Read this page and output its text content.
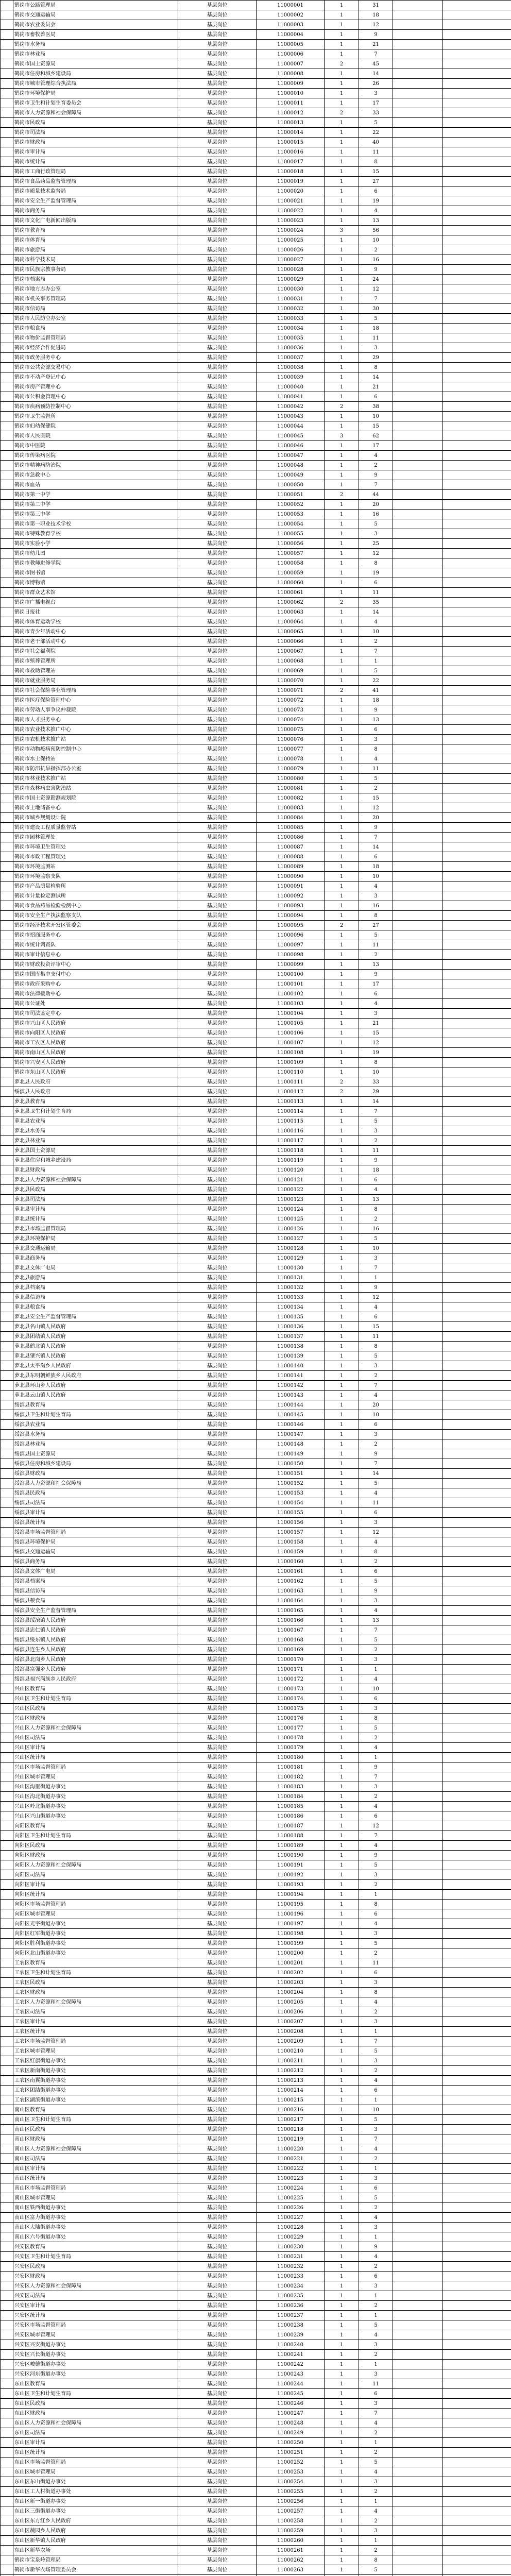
	鹤岗市公路管理局	基层岗位	11000001	1	31		
	鹤岗市交通运输局	基层岗位	11000002	1	18		
	鹤岗市农业委员会	基层岗位	11000003	1	12		
	鹤岗市畜牧兽医局	基层岗位	11000004	1	9		
	鹤岗市水务局	基层岗位	11000005	1	21		
	鹤岗市林业局	基层岗位	11000006	1	7		
	鹤岗市国土资源局	基层岗位	11000007	2	45		
	鹤岗市住房和城乡建设局	基层岗位	11000008	1	14		
	鹤岗市城市管理综合执法局	基层岗位	11000009	1	26		
	鹤岗市环境保护局	基层岗位	11000010	1	3		
	鹤岗市卫生和计划生育委员会	基层岗位	11000011	1	17		
	鹤岗市人力资源和社会保障局	基层岗位	11000012	2	33		
	鹤岗市民政局	基层岗位	11000013	1	5		
	鹤岗市司法局	基层岗位	11000014	1	22		
	鹤岗市财政局	基层岗位	11000015	1	40		
	鹤岗市审计局	基层岗位	11000016	1	11		
	鹤岗市统计局	基层岗位	11000017	1	8		
	鹤岗市工商行政管理局	基层岗位	11000018	1	15		
	鹤岗市食品药品监督管理局	基层岗位	11000019	1	27		
	鹤岗市质量技术监督局	基层岗位	11000020	1	6		
	鹤岗市安全生产监督管理局	基层岗位	11000021	1	19		
	鹤岗市商务局	基层岗位	11000022	1	4		
	鹤岗市文化广电新闻出版局	基层岗位	11000023	1	13		
	鹤岗市教育局	基层岗位	11000024	3	56		
	鹤岗市体育局	基层岗位	11000025	1	10		
	鹤岗市旅游局	基层岗位	11000026	1	2		
	鹤岗市科学技术局	基层岗位	11000027	1	16		
	鹤岗市民族宗教事务局	基层岗位	11000028	1	9		
	鹤岗市档案局	基层岗位	11000029	1	24		
	鹤岗市地方志办公室	基层岗位	11000030	1	12		
	鹤岗市机关事务管理局	基层岗位	11000031	1	7		
	鹤岗市信访局	基层岗位	11000032	1	30		
	鹤岗市人民防空办公室	基层岗位	11000033	1	5		
	鹤岗市粮食局	基层岗位	11000034	1	18		
	鹤岗市物价监督管理局	基层岗位	11000035	1	11		
	鹤岗市经济合作促进局	基层岗位	11000036	1	3		
	鹤岗市政务服务中心	基层岗位	11000037	1	29		
	鹤岗市公共资源交易中心	基层岗位	11000038	1	8		
	鹤岗市不动产登记中心	基层岗位	11000039	1	14		
	鹤岗市房产管理中心	基层岗位	11000040	1	21		
	鹤岗市公积金管理中心	基层岗位	11000041	1	6		
	鹤岗市疾病预防控制中心	基层岗位	11000042	2	38		
	鹤岗市卫生监督所	基层岗位	11000043	1	10		
	鹤岗市妇幼保健院	基层岗位	11000044	1	15		
	鹤岗市人民医院	基层岗位	11000045	3	62		
	鹤岗市中医院	基层岗位	11000046	1	17		
	鹤岗市传染病医院	基层岗位	11000047	1	4		
	鹤岗市精神病防治院	基层岗位	11000048	1	2		
	鹤岗市急救中心	基层岗位	11000049	1	9		
	鹤岗市血站	基层岗位	11000050	1	7		
	鹤岗市第一中学	基层岗位	11000051	2	44		
	鹤岗市第二中学	基层岗位	11000052	1	20		
	鹤岗市第三中学	基层岗位	11000053	1	16		
	鹤岗市第一职业技术学校	基层岗位	11000054	1	5		
	鹤岗市特殊教育学校	基层岗位	11000055	1	3		
	鹤岗市实验小学	基层岗位	11000056	1	25		
	鹤岗市幼儿园	基层岗位	11000057	1	12		
	鹤岗市教师进修学院	基层岗位	11000058	1	8		
	鹤岗市图书馆	基层岗位	11000059	1	19		
	鹤岗市博物馆	基层岗位	11000060	1	6		
	鹤岗市群众艺术馆	基层岗位	11000061	1	11		
	鹤岗市广播电视台	基层岗位	11000062	2	35		
	鹤岗日报社	基层岗位	11000063	1	14		
	鹤岗市体育运动学校	基层岗位	11000064	1	4		
	鹤岗市青少年活动中心	基层岗位	11000065	1	10		
	鹤岗市老干部活动中心	基层岗位	11000066	1	2		
	鹤岗市社会福利院	基层岗位	11000067	1	7		
	鹤岗市殡葬管理所	基层岗位	11000068	1	1		
	鹤岗市救助管理站	基层岗位	11000069	1	5		
	鹤岗市就业服务局	基层岗位	11000070	1	22		
	鹤岗市社会保险事业管理局	基层岗位	11000071	2	41		
	鹤岗市医疗保险管理中心	基层岗位	11000072	1	18		
	鹤岗市劳动人事争议仲裁院	基层岗位	11000073	1	9		
	鹤岗市人才服务中心	基层岗位	11000074	1	13		
	鹤岗市农业技术推广中心	基层岗位	11000075	1	6		
	鹤岗市农机技术推广站	基层岗位	11000076	1	3		
	鹤岗市动物疫病预防控制中心	基层岗位	11000077	1	8		
	鹤岗市水土保持站	基层岗位	11000078	1	4		
	鹤岗市防汛抗旱指挥部办公室	基层岗位	11000079	1	11		
	鹤岗市林业技术推广站	基层岗位	11000080	1	5		
	鹤岗市森林病虫害防治站	基层岗位	11000081	1	2		
	鹤岗市国土资源勘测规划院	基层岗位	11000082	1	15		
	鹤岗市土地储备中心	基层岗位	11000083	1	12		
	鹤岗市城乡规划设计院	基层岗位	11000084	1	20		
	鹤岗市建设工程质量监督站	基层岗位	11000085	1	9		
	鹤岗市园林管理处	基层岗位	11000086	1	7		
	鹤岗市环境卫生管理处	基层岗位	11000087	1	14		
	鹤岗市市政工程管理处	基层岗位	11000088	1	6		
	鹤岗市环境监测站	基层岗位	11000089	1	18		
	鹤岗市环境监察支队	基层岗位	11000090	1	10		
	鹤岗市产品质量检验所	基层岗位	11000091	1	4		
	鹤岗市计量检定测试所	基层岗位	11000092	1	3		
	鹤岗市食品药品检验检测中心	基层岗位	11000093	1	16		
	鹤岗市安全生产执法监察支队	基层岗位	11000094	1	8		
	鹤岗市经济技术开发区管委会	基层岗位	11000095	2	27		
	鹤岗市招商服务中心	基层岗位	11000096	1	5		
	鹤岗市统计调查队	基层岗位	11000097	1	11		
	鹤岗市审计信息中心	基层岗位	11000098	1	2		
	鹤岗市财政投资评审中心	基层岗位	11000099	1	13		
	鹤岗市国库集中支付中心	基层岗位	11000100	1	9		
	鹤岗市政府采购中心	基层岗位	11000101	1	17		
	鹤岗市法律援助中心	基层岗位	11000102	1	6		
	鹤岗市公证处	基层岗位	11000103	1	4		
	鹤岗市司法鉴定中心	基层岗位	11000104	1	3		
	鹤岗市兴山区人民政府	基层岗位	11000105	1	21		
	鹤岗市向阳区人民政府	基层岗位	11000106	1	15		
	鹤岗市工农区人民政府	基层岗位	11000107	1	12		
	鹤岗市南山区人民政府	基层岗位	11000108	1	19		
	鹤岗市兴安区人民政府	基层岗位	11000109	1	8		
	鹤岗市东山区人民政府	基层岗位	11000110	1	10		
	萝北县人民政府	基层岗位	11000111	2	33		
	绥滨县人民政府	基层岗位	11000112	2	29		
	萝北县教育局	基层岗位	11000113	1	14		
	萝北县卫生和计划生育局	基层岗位	11000114	1	7		
	萝北县农业局	基层岗位	11000115	1	5		
	萝北县水务局	基层岗位	11000116	1	3		
	萝北县林业局	基层岗位	11000117	1	2		
	萝北县国土资源局	基层岗位	11000118	1	11		
	萝北县住房和城乡建设局	基层岗位	11000119	1	9		
	萝北县财政局	基层岗位	11000120	1	18		
	萝北县人力资源和社会保障局	基层岗位	11000121	1	6		
	萝北县民政局	基层岗位	11000122	1	4		
	萝北县司法局	基层岗位	11000123	1	13		
	萝北县审计局	基层岗位	11000124	1	8		
	萝北县统计局	基层岗位	11000125	1	2		
	萝北县市场监督管理局	基层岗位	11000126	1	16		
	萝北县环境保护局	基层岗位	11000127	1	5		
	萝北县交通运输局	基层岗位	11000128	1	10		
	萝北县商务局	基层岗位	11000129	1	3		
	萝北县文体广电局	基层岗位	11000130	1	7		
	萝北县旅游局	基层岗位	11000131	1	1		
	萝北县档案局	基层岗位	11000132	1	9		
	萝北县信访局	基层岗位	11000133	1	12		
	萝北县粮食局	基层岗位	11000134	1	4		
	萝北县安全生产监督管理局	基层岗位	11000135	1	6		
	萝北县名山镇人民政府	基层岗位	11000136	1	15		
	萝北县团结镇人民政府	基层岗位	11000137	1	11		
	萝北县鹤北镇人民政府	基层岗位	11000138	1	8		
	萝北县肇兴镇人民政府	基层岗位	11000139	1	5		
	萝北县太平沟乡人民政府	基层岗位	11000140	1	3		
	萝北县东明朝鲜族乡人民政府	基层岗位	11000141	1	2		
	萝北县环山乡人民政府	基层岗位	11000142	1	7		
	萝北县云山镇人民政府	基层岗位	11000143	1	4		
	绥滨县教育局	基层岗位	11000144	1	20		
	绥滨县卫生和计划生育局	基层岗位	11000145	1	10		
	绥滨县农业局	基层岗位	11000146	1	6		
	绥滨县水务局	基层岗位	11000147	1	3		
	绥滨县林业局	基层岗位	11000148	1	2		
	绥滨县国土资源局	基层岗位	11000149	1	9		
	绥滨县住房和城乡建设局	基层岗位	11000150	1	7		
	绥滨县财政局	基层岗位	11000151	1	14		
	绥滨县人力资源和社会保障局	基层岗位	11000152	1	5		
	绥滨县民政局	基层岗位	11000153	1	4		
	绥滨县司法局	基层岗位	11000154	1	11		
	绥滨县审计局	基层岗位	11000155	1	6		
	绥滨县统计局	基层岗位	11000156	1	3		
	绥滨县市场监督管理局	基层岗位	11000157	1	12		
	绥滨县环境保护局	基层岗位	11000158	1	4		
	绥滨县交通运输局	基层岗位	11000159	1	8		
	绥滨县商务局	基层岗位	11000160	1	2		
	绥滨县文体广电局	基层岗位	11000161	1	6		
	绥滨县档案局	基层岗位	11000162	1	5		
	绥滨县信访局	基层岗位	11000163	1	9		
	绥滨县粮食局	基层岗位	11000164	1	3		
	绥滨县安全生产监督管理局	基层岗位	11000165	1	4		
	绥滨县绥滨镇人民政府	基层岗位	11000166	1	13		
	绥滨县忠仁镇人民政府	基层岗位	11000167	1	7		
	绥滨县绥东镇人民政府	基层岗位	11000168	1	5		
	绥滨县连生乡人民政府	基层岗位	11000169	1	2		
	绥滨县北岗乡人民政府	基层岗位	11000170	1	3		
	绥滨县富强乡人民政府	基层岗位	11000171	1	1		
	绥滨县福兴满族乡人民政府	基层岗位	11000172	1	4		
	兴山区教育局	基层岗位	11000173	1	10		
	兴山区卫生和计划生育局	基层岗位	11000174	1	6		
	兴山区民政局	基层岗位	11000175	1	3		
	兴山区财政局	基层岗位	11000176	1	8		
	兴山区人力资源和社会保障局	基层岗位	11000177	1	5		
	兴山区司法局	基层岗位	11000178	1	2		
	兴山区审计局	基层岗位	11000179	1	4		
	兴山区统计局	基层岗位	11000180	1	1		
	兴山区市场监督管理局	基层岗位	11000181	1	9		
	兴山区城市管理局	基层岗位	11000182	1	7		
	兴山区沟里街道办事处	基层岗位	11000183	1	3		
	兴山区沟北街道办事处	基层岗位	11000184	1	2		
	兴山区岭北街道办事处	基层岗位	11000185	1	4		
	兴山区兴山街道办事处	基层岗位	11000186	1	6		
	向阳区教育局	基层岗位	11000187	1	12		
	向阳区卫生和计划生育局	基层岗位	11000188	1	7		
	向阳区民政局	基层岗位	11000189	1	4		
	向阳区财政局	基层岗位	11000190	1	9		
	向阳区人力资源和社会保障局	基层岗位	11000191	1	5		
	向阳区司法局	基层岗位	11000192	1	3		
	向阳区审计局	基层岗位	11000193	1	2		
	向阳区统计局	基层岗位	11000194	1	1		
	向阳区市场监督管理局	基层岗位	11000195	1	8		
	向阳区城市管理局	基层岗位	11000196	1	6		
	向阳区光宇街道办事处	基层岗位	11000197	1	4		
	向阳区红军街道办事处	基层岗位	11000198	1	3		
	向阳区胜利街道办事处	基层岗位	11000199	1	5		
	向阳区北山街道办事处	基层岗位	11000200	1	2		
	工农区教育局	基层岗位	11000201	1	11		
	工农区卫生和计划生育局	基层岗位	11000202	1	6		
	工农区民政局	基层岗位	11000203	1	3		
	工农区财政局	基层岗位	11000204	1	8		
	工农区人力资源和社会保障局	基层岗位	11000205	1	4		
	工农区司法局	基层岗位	11000206	1	2		
	工农区审计局	基层岗位	11000207	1	3		
	工农区统计局	基层岗位	11000208	1	1		
	工农区市场监督管理局	基层岗位	11000209	1	7		
	工农区城市管理局	基层岗位	11000210	1	5		
	工农区红旗街道办事处	基层岗位	11000211	1	3		
	工农区新南街道办事处	基层岗位	11000212	1	2		
	工农区南翼街道办事处	基层岗位	11000213	1	4		
	工农区团结街道办事处	基层岗位	11000214	1	6		
	工农区湖滨街道办事处	基层岗位	11000215	1	1		
	南山区教育局	基层岗位	11000216	1	10		
	南山区卫生和计划生育局	基层岗位	11000217	1	5		
	南山区民政局	基层岗位	11000218	1	3		
	南山区财政局	基层岗位	11000219	1	7		
	南山区人力资源和社会保障局	基层岗位	11000220	1	4		
	南山区司法局	基层岗位	11000221	1	2		
	南山区审计局	基层岗位	11000222	1	1		
	南山区统计局	基层岗位	11000223	1	3		
	南山区市场监督管理局	基层岗位	11000224	1	6		
	南山区城市管理局	基层岗位	11000225	1	5		
	南山区铁西街道办事处	基层岗位	11000226	1	2		
	南山区富力街道办事处	基层岗位	11000227	1	4		
	南山区大陆街道办事处	基层岗位	11000228	1	3		
	南山区六号街道办事处	基层岗位	11000229	1	1		
	兴安区教育局	基层岗位	11000230	1	9		
	兴安区卫生和计划生育局	基层岗位	11000231	1	4		
	兴安区民政局	基层岗位	11000232	1	2		
	兴安区财政局	基层岗位	11000233	1	6		
	兴安区人力资源和社会保障局	基层岗位	11000234	1	3		
	兴安区司法局	基层岗位	11000235	1	1		
	兴安区审计局	基层岗位	11000236	1	2		
	兴安区统计局	基层岗位	11000237	1	1		
	兴安区市场监督管理局	基层岗位	11000238	1	5		
	兴安区城市管理局	基层岗位	11000239	1	4		
	兴安区兴安街道办事处	基层岗位	11000240	1	3		
	兴安区兴长街道办事处	基层岗位	11000241	1	2		
	兴安区峻德街道办事处	基层岗位	11000242	1	1		
	兴安区河东街道办事处	基层岗位	11000243	1	3		
	东山区教育局	基层岗位	11000244	1	11		
	东山区卫生和计划生育局	基层岗位	11000245	1	6		
	东山区民政局	基层岗位	11000246	1	3		
	东山区财政局	基层岗位	11000247	1	7		
	东山区人力资源和社会保障局	基层岗位	11000248	1	4		
	东山区司法局	基层岗位	11000249	1	2		
	东山区审计局	基层岗位	11000250	1	1		
	东山区统计局	基层岗位	11000251	1	2		
	东山区市场监督管理局	基层岗位	11000252	1	5		
	东山区城市管理局	基层岗位	11000253	1	4		
	东山区东山街道办事处	基层岗位	11000254	1	3		
	东山区工人村街道办事处	基层岗位	11000255	1	2		
	东山区新一街道办事处	基层岗位	11000256	1	1		
	东山区三街街道办事处	基层岗位	11000257	1	4		
	东山区东方红乡人民政府	基层岗位	11000258	1	2		
	东山区蔬园乡人民政府	基层岗位	11000259	1	3		
	东山区新华镇人民政府	基层岗位	11000260	1	1		
	东山区新华农场	基层岗位	11000261	1	2		
	鹤岗市宝泉岭管理局	基层岗位	11000262	1	8		
	鹤岗市新华农场管理委员会	基层岗位	11000263	1	5		
